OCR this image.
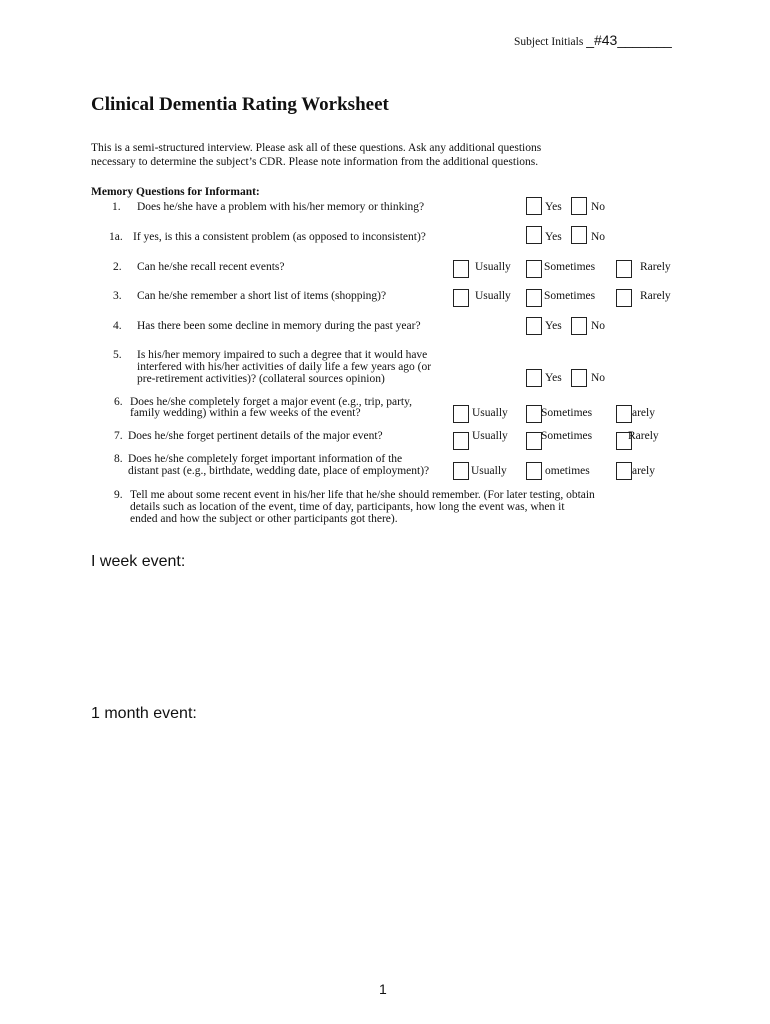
Subject Initials _#43_______
Clinical Dementia Rating Worksheet
This is a semi-structured interview. Please ask all of these questions. Ask any additional questions
necessary to determine the subject’s CDR. Please note information from the additional questions.
Memory Questions for Informant:
1. Does he/she have a problem with his/her memory or thinking?	Yes	No
1a. If yes, is this a consistent problem (as opposed to inconsistent)?	Yes	No
2. Can he/she recall recent events?	Usually	Sometimes	Rarely
3. Can he/she remember a short list of items (shopping)?	Usually	Sometimes	Rarely
4. Has there been some decline in memory during the past year?	Yes	No
5. Is his/her memory impaired to such a degree that it would have
interfered with his/her activities of daily life a few years ago (or
pre-retirement activities)? (collateral sources opinion)	Yes	No
6. Does he/she completely forget a major event (e.g., trip, party,
family wedding) within a few weeks of the event?	Usually	Sometimes	arely
7. Does he/she forget pertinent details of the major event?	Usually	Sometimes	Rarely
8. Does he/she completely forget important information of the
distant past (e.g., birthdate, wedding date, place of employment)?	Usually	ometimes	arely
9. Tell me about some recent event in his/her life that he/she should remember. (For later testing, obtain
details such as location of the event, time of day, participants, how long the event was, when it
ended and how the subject or other participants got there).
I week event:
1 month event:
1
